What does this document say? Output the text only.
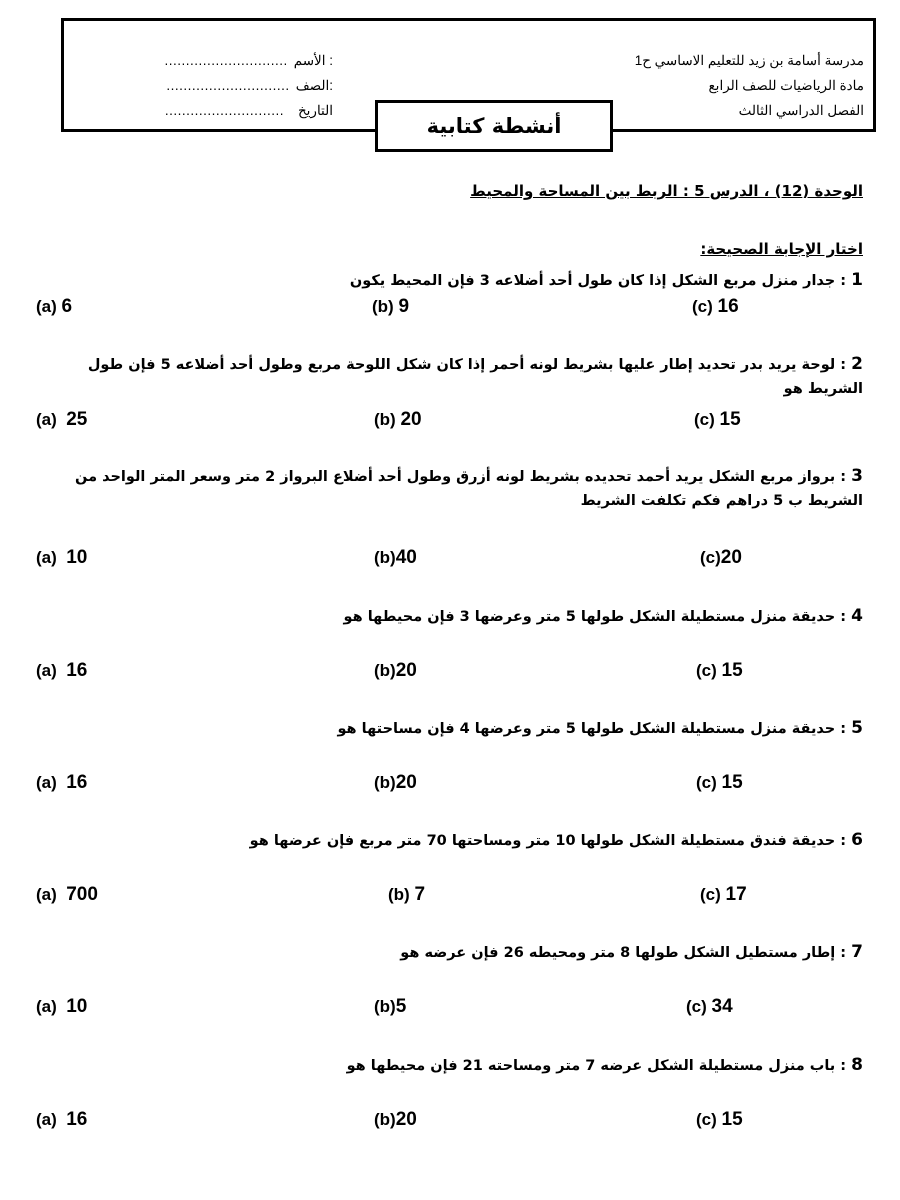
مدرسة أسامة بن زيد للتعليم الاساسي ح1
مادة الرياضيات للصف الرابع
الفصل الدراسي الثالث
الأسم :
.............................
الصف:
.............................
التاريخ
............................
أنشطة كتابية
الوحدة (12) ، الدرس 5 : الربط بين المساحة والمحيط
اختار الإجابة الصحيحة:
1 : جدار منزل مربع الشكل إذا كان طول أحد أضلاعه 3 فإن المحيط يكون
(a) 6	(b) 9	(c) 16
2 : لوحة يريد بدر تحديد إطار عليها بشريط لونه أحمر إذا كان شكل اللوحة مربع وطول أحد أضلاعه 5 فإن طول الشريط هو
(a) 25	(b) 20	(c) 15
3 : برواز مربع الشكل يريد أحمد تحديده بشريط لونه أزرق وطول أحد أضلاع البرواز 2 متر وسعر المتر الواحد من الشريط ب 5 دراهم فكم تكلفت الشريط
(a) 10	(b)40	(c)20
4 : حديقة منزل مستطيلة الشكل طولها 5 متر وعرضها 3 فإن محيطها هو
(a) 16	(b)20	(c) 15
5 : حديقة منزل مستطيلة الشكل طولها 5 متر وعرضها 4 فإن مساحتها هو
(a) 16	(b)20	(c) 15
6 : حديقة فندق مستطيلة الشكل طولها 10 متر ومساحتها 70 متر مربع فإن عرضها هو
(a) 700	(b) 7	(c) 17
7 : إطار مستطيل الشكل طولها 8 متر ومحيطه 26 فإن عرضه هو
(a) 10	(b)5	(c) 34
8 : باب منزل مستطيلة الشكل عرضه 7 متر ومساحته 21 فإن محيطها هو
(a) 16	(b)20	(c) 15
